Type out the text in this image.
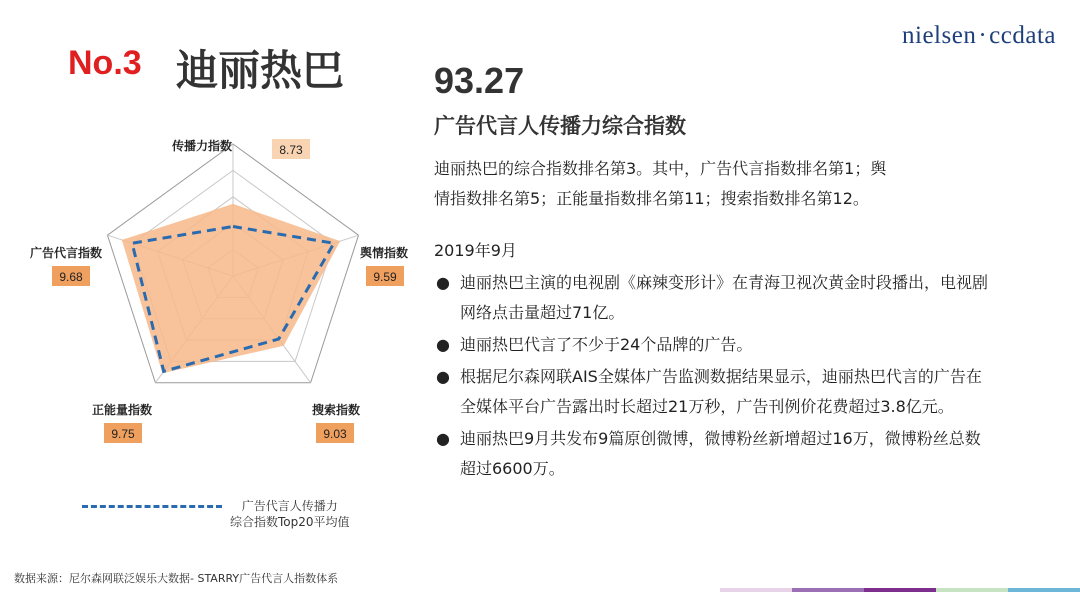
No.3 迪丽热巴
nielsen·ccdata
93.27
广告代言人传播力综合指数
迪丽热巴的综合指数排名第3。其中，广告代言指数排名第1；舆
情指数排名第5；正能量指数排名第11；搜索指数排名第12。
2019年9月
● 迪丽热巴主演的电视剧《麻辣变形计》在青海卫视次黄金时段播出，电视剧
网络点击量超过71亿。
● 迪丽热巴代言了不少于24个品牌的广告。
● 根据尼尔森网联AIS全媒体广告监测数据结果显示，迪丽热巴代言的广告在
全媒体平台广告露出时长超过21万秒，广告刊例价花费超过3.8亿元。
● 迪丽热巴9月共发布9篇原创微博，微博粉丝新增超过16万，微博粉丝总数
超过6600万。
传播力指数	8.73
舆情指数
9.59
搜索指数
9.03
正能量指数
9.75
广告代言指数
9.68
广告代言人传播力
综合指数Top20平均值
数据来源：尼尔森网联泛娱乐大数据- STARRY广告代言人指数体系
